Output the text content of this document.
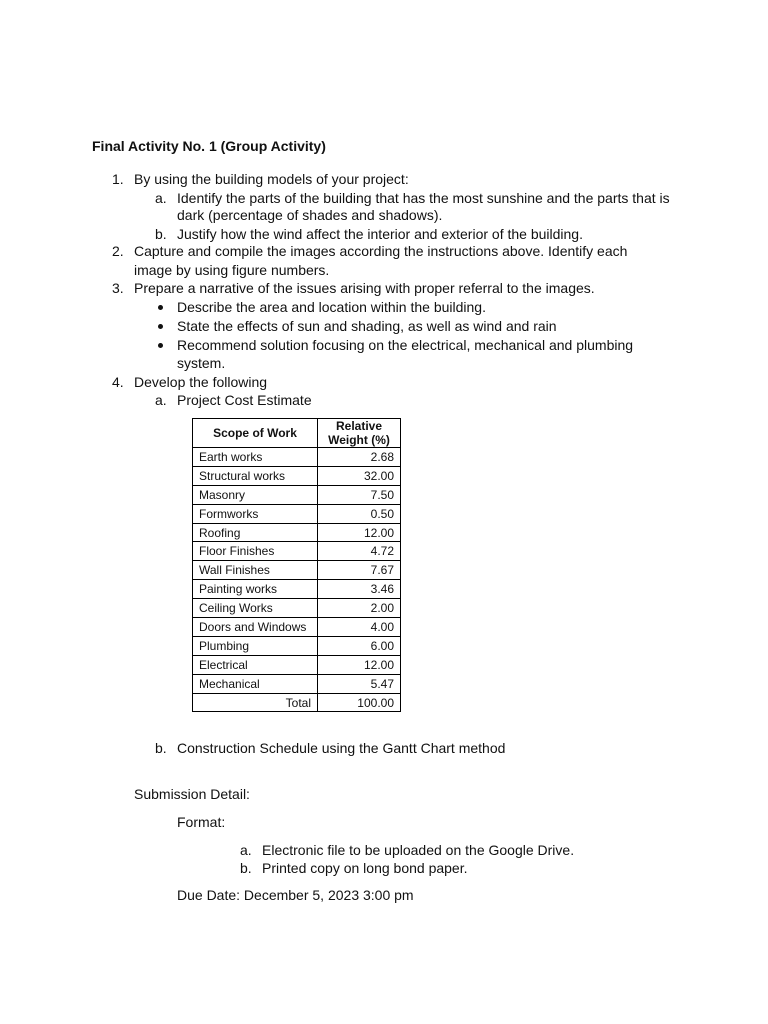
Final Activity No. 1 (Group Activity)
1. By using the building models of your project:
a. Identify the parts of the building that has the most sunshine and the parts that is
dark (percentage of shades and shadows).
b. Justify how the wind affect the interior and exterior of the building.
2. Capture and compile the images according the instructions above. Identify each
image by using figure numbers.
3. Prepare a narrative of the issues arising with proper referral to the images.
Describe the area and location within the building.
State the effects of sun and shading, as well as wind and rain
Recommend solution focusing on the electrical, mechanical and plumbing
system.
4. Develop the following
a. Project Cost Estimate
Scope of Work	Relative
Weight (%)
Earth works	2.68
Structural works	32.00
Masonry	7.50
Formworks	0.50
Roofing	12.00
Floor Finishes	4.72
Wall Finishes	7.67
Painting works	3.46
Ceiling Works	2.00
Doors and Windows	4.00
Plumbing	6.00
Electrical	12.00
Mechanical	5.47
Total	100.00
b. Construction Schedule using the Gantt Chart method
Submission Detail:
Format:
a. Electronic file to be uploaded on the Google Drive.
b. Printed copy on long bond paper.
Due Date: December 5, 2023 3:00 pm
